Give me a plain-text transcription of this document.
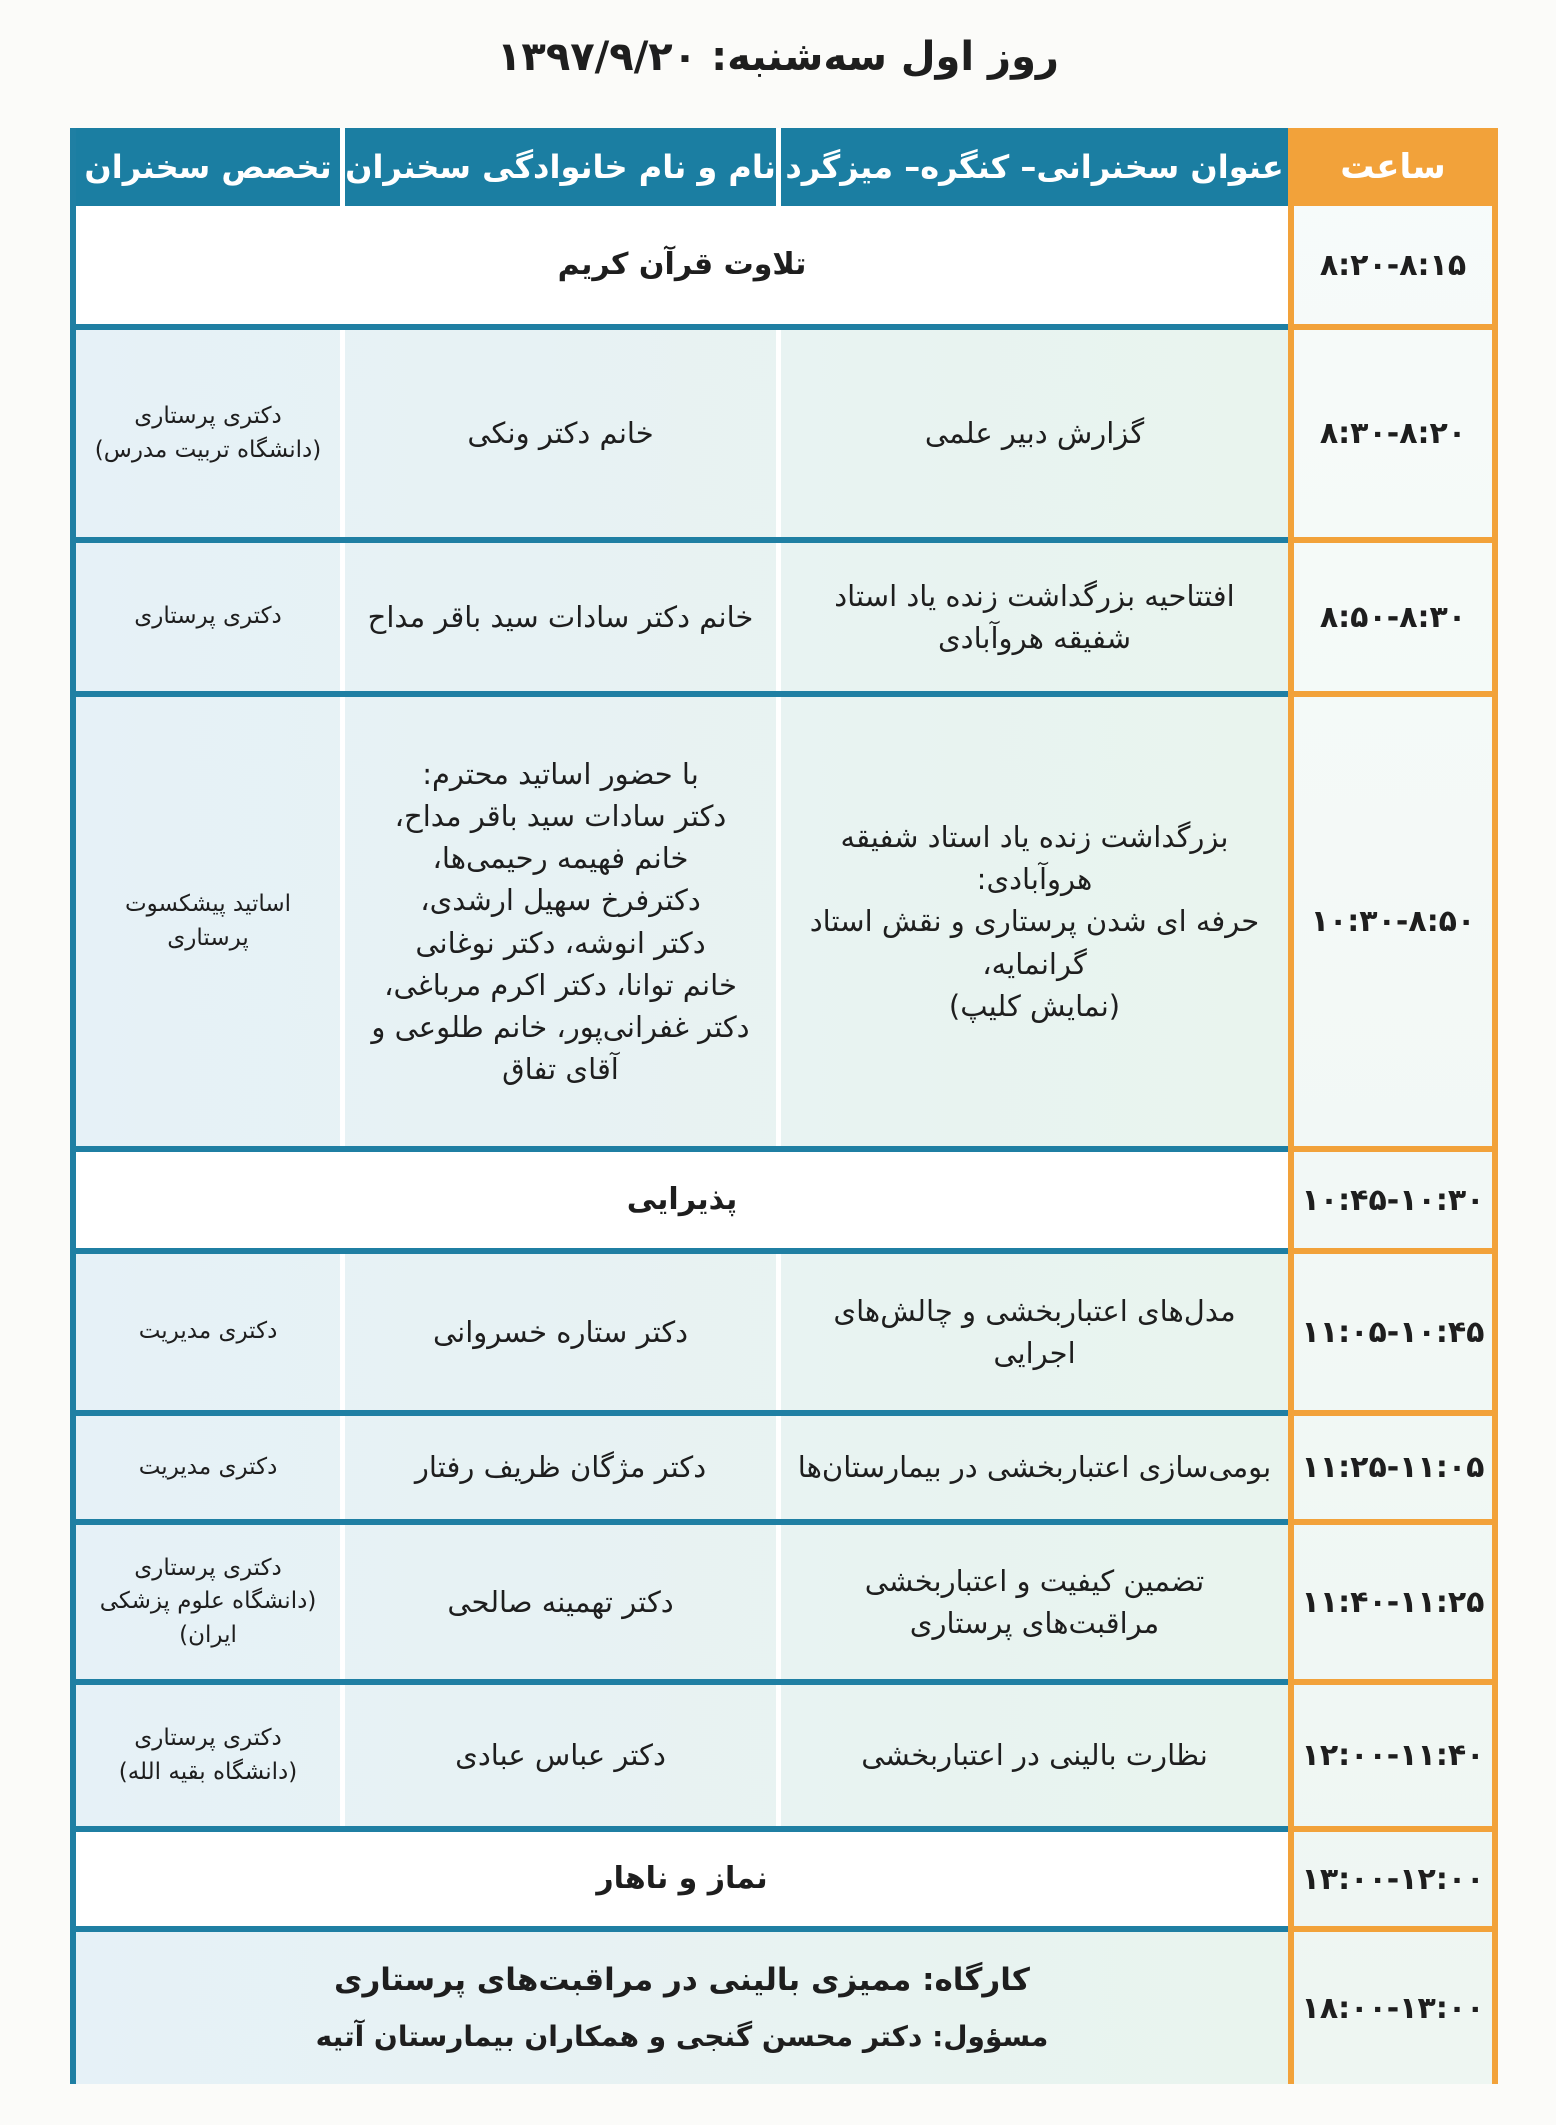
روز اول سه‌شنبه: ۱۳۹۷/۹/۲۰
ساعت
۸:۲۰-۸:۱۵
۸:۳۰-۸:۲۰
۸:۵۰-۸:۳۰
۱۰:۳۰-۸:۵۰
۱۰:۴۵-۱۰:۳۰
۱۱:۰۵-۱۰:۴۵
۱۱:۲۵-۱۱:۰۵
۱۱:۴۰-۱۱:۲۵
۱۲:۰۰-۱۱:۴۰
۱۳:۰۰-۱۲:۰۰
۱۸:۰۰-۱۳:۰۰
عنوان سخنرانی– کنگره– میزگرد
نام و نام خانوادگی سخنران
تخصص سخنران
تلاوت قرآن کریم
گزارش دبیر علمی
خانم دکتر ونکی
دکتری پرستاری
(دانشگاه تربیت مدرس)
افتتاحیه بزرگداشت زنده یاد استاد
شفیقه هروآبادی
خانم دکتر سادات سید باقر مداح
دکتری پرستاری
بزرگداشت زنده یاد استاد شفیقه
هروآبادی:
حرفه ای شدن پرستاری و نقش استاد
گرانمایه،
(نمایش کلیپ)
با حضور اساتید محترم:
دکتر سادات سید باقر مداح،
خانم فهیمه رحیمی‌ها،
دکترفرخ سهیل ارشدی،
دکتر انوشه، دکتر نوغانی
خانم توانا، دکتر اکرم مرباغی،
دکتر غفرانی‌پور، خانم طلوعی و
آقای تفاق
اساتید پیشکسوت
پرستاری
پذیرایی
مدل‌های اعتباربخشی و چالش‌های
اجرایی
دکتر ستاره خسروانی
دکتری مدیریت
بومی‌سازی اعتباربخشی در بیمارستان‌ها
دکتر مژگان ظریف رفتار
دکتری مدیریت
تضمین کیفیت و اعتباربخشی
مراقبت‌های پرستاری
دکتر تهمینه صالحی
دکتری پرستاری
(دانشگاه علوم پزشکی
ایران)
نظارت بالینی در اعتباربخشی
دکتر عباس عبادی
دکتری پرستاری
(دانشگاه بقیه الله)
نماز و ناهار
کارگاه: ممیزی بالینی در مراقبت‌های پرستاری
مسؤول: دکتر محسن گنجی و همکاران بیمارستان آتیه
